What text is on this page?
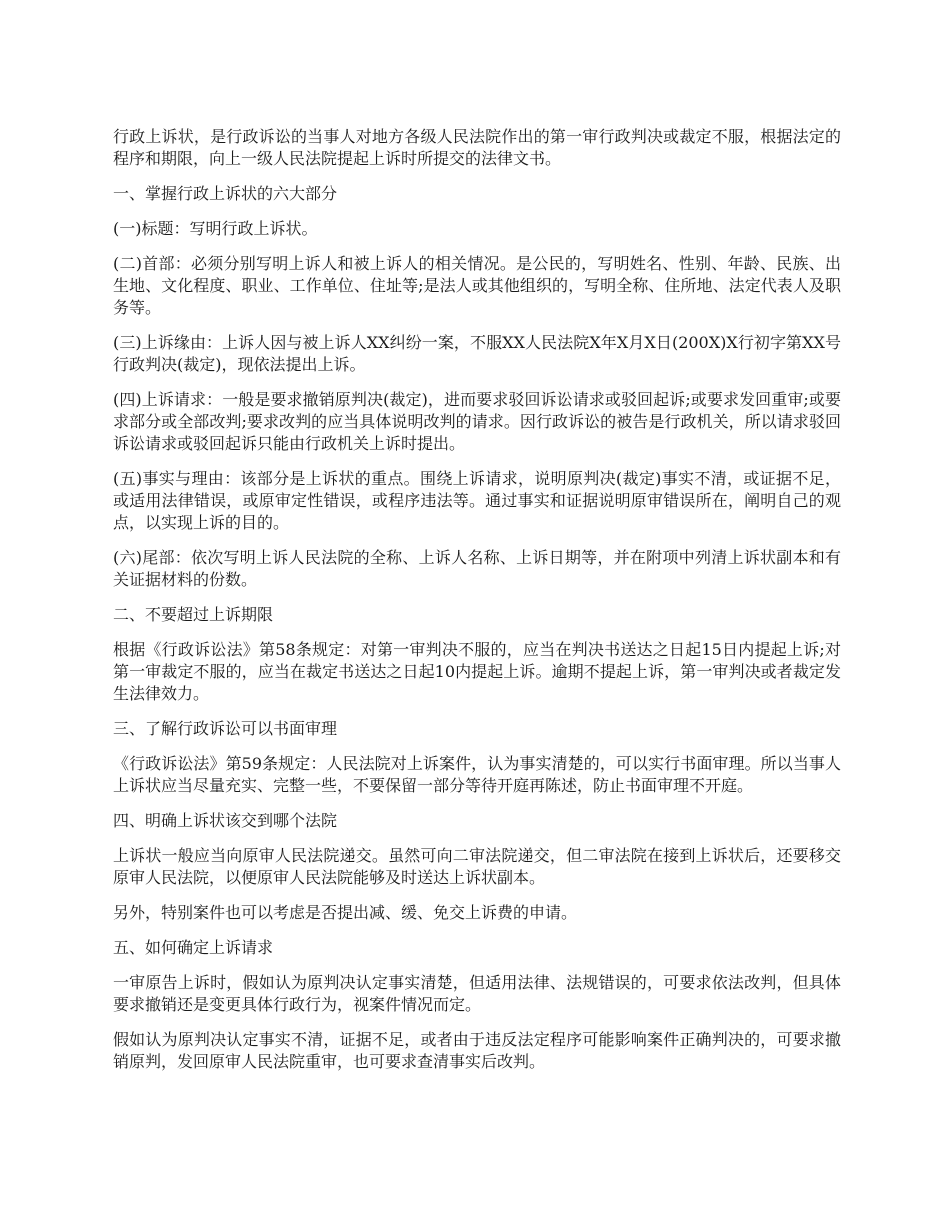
行政上诉状，是行政诉讼的当事人对地方各级人民法院作出的第一审行政判决或裁定不服，根据法定的程序和期限，向上一级人民法院提起上诉时所提交的法律文书。

一、掌握行政上诉状的六大部分

(一)标题：写明行政上诉状。

(二)首部：必须分别写明上诉人和被上诉人的相关情况。是公民的，写明姓名、性别、年龄、民族、出生地、文化程度、职业、工作单位、住址等;是法人或其他组织的，写明全称、住所地、法定代表人及职务等。

(三)上诉缘由：上诉人因与被上诉人XX纠纷一案，不服XX人民法院X年X月X日(200X)X行初字第XX号行政判决(裁定)，现依法提出上诉。

(四)上诉请求：一般是要求撤销原判决(裁定)，进而要求驳回诉讼请求或驳回起诉;或要求发回重审;或要求部分或全部改判;要求改判的应当具体说明改判的请求。因行政诉讼的被告是行政机关，所以请求驳回诉讼请求或驳回起诉只能由行政机关上诉时提出。

(五)事实与理由：该部分是上诉状的重点。围绕上诉请求，说明原判决(裁定)事实不清，或证据不足，或适用法律错误，或原审定性错误，或程序违法等。通过事实和证据说明原审错误所在，阐明自己的观点，以实现上诉的目的。

(六)尾部：依次写明上诉人民法院的全称、上诉人名称、上诉日期等，并在附项中列清上诉状副本和有关证据材料的份数。

二、不要超过上诉期限

根据《行政诉讼法》第58条规定：对第一审判决不服的，应当在判决书送达之日起15日内提起上诉;对第一审裁定不服的，应当在裁定书送达之日起10内提起上诉。逾期不提起上诉，第一审判决或者裁定发生法律效力。

三、了解行政诉讼可以书面审理

《行政诉讼法》第59条规定：人民法院对上诉案件，认为事实清楚的，可以实行书面审理。所以当事人上诉状应当尽量充实、完整一些，不要保留一部分等待开庭再陈述，防止书面审理不开庭。

四、明确上诉状该交到哪个法院

上诉状一般应当向原审人民法院递交。虽然可向二审法院递交，但二审法院在接到上诉状后，还要移交原审人民法院，以便原审人民法院能够及时送达上诉状副本。

另外，特别案件也可以考虑是否提出减、缓、免交上诉费的申请。

五、如何确定上诉请求

一审原告上诉时，假如认为原判决认定事实清楚，但适用法律、法规错误的，可要求依法改判，但具体要求撤销还是变更具体行政行为，视案件情况而定。

假如认为原判决认定事实不清，证据不足，或者由于违反法定程序可能影响案件正确判决的，可要求撤销原判，发回原审人民法院重审，也可要求查清事实后改判。
